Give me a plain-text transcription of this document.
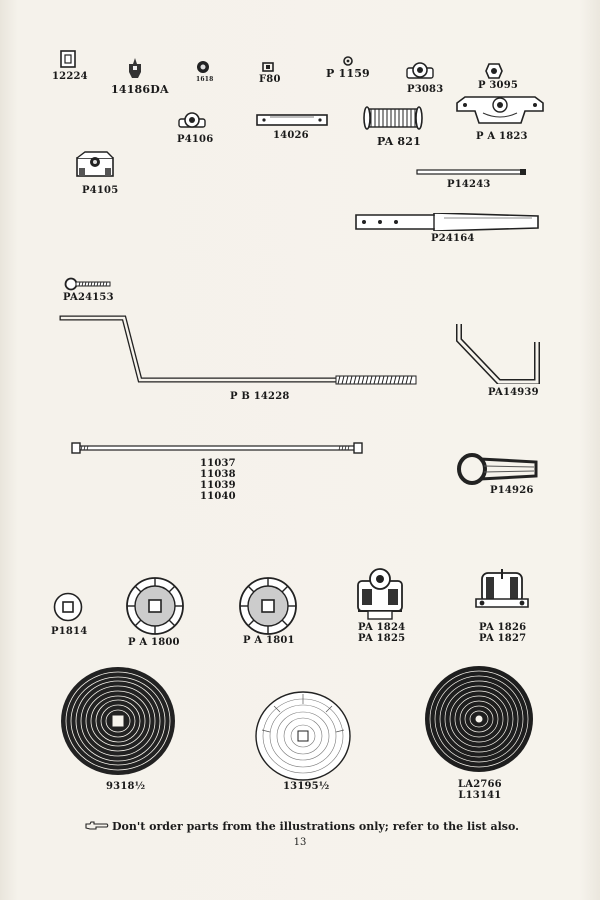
12224
14186DA
1618	F80	P 1159
P3083	P 3095
P4106	14026	PA 821	P A 1823
P4105
P14243
P24164
PA24153
P B 14228	PA14939
11037
11038
11039
11040
P14926
P1814
P A 1800	P A 1801
PA 1824
PA 1825
PA 1826
PA 1827
9318½	13195½	LA2766
L13141
Don't order parts from the illustrations only; refer to the list also.
13
